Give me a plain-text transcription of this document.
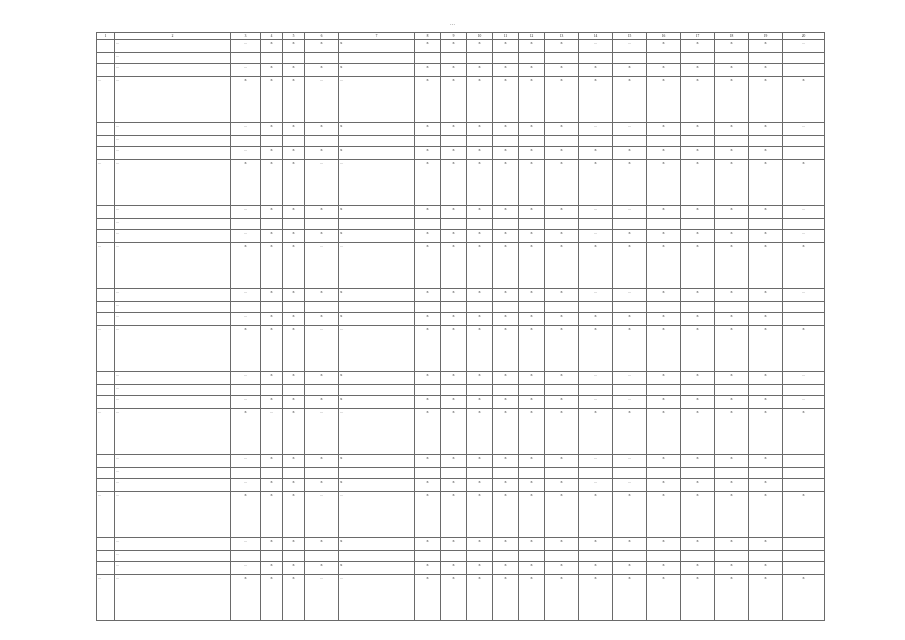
…
1	2	3	4	5	6	7	8	9	10	11	12	13	14	15	16	17	18	19	20
	…	…	X	X	X	X	X	X	X	X	X	X	…	…	X	X	X	X	…
	…																		
	…	…	X	X	X	X	X	X	X	X	X	X	X	X	X	X	X	X	
…	…	X	X	X	…	…	X	X	X	X	X	X	X	X	X	X	X	X	X
	…	…	X	X	X	X	X	X	X	X	X	X	…	…	X	X	X	X	…
	…																		
	…	…	X	X	X	X	X	X	X	X	X	X	X	X	X	X	X	X	
…	…	X	X	X	…	…	X	X	X	X	X	X	X	X	X	X	X	X	X
	…	…	X	X	X	X	X	X	X	X	X	X	…	…	X	X	X	X	…
	…																		
	…	…	X	X	X	X	X	X	X	X	X	X	…	X	X	X	X	X	…
…	…	X	X	X	…	…	X	X	X	X	X	X	X	X	X	X	X	X	X
	…	…	X	X	X	X	X	X	X	X	X	X	…	…	X	X	X	X	…
	…																		
	…	…	X	X	X	X	X	X	X	X	X	X	X	X	X	X	X	X	
…	…	X	X	X	…	…	X	X	X	X	X	X	X	X	X	X	X	X	X
	…	…	X	X	X	X	X	X	X	X	X	X	…	…	X	X	X	X	…
	…																		
	…	…	X	X	X	X	X	X	X	X	X	X	…	…	X	X	X	X	…
…	…	X	…	X	…	…	X	X	X	X	X	X	X	X	X	X	X	X	X
	…	…	X	X	X	X	X	X	X	X	X	X	…	…	X	X	X	X	
	…																		
	…	…	X	X	X	X	X	X	X	X	X	X	…	…	X	X	X	X	
…	…	X	X	X	…	…	X	X	X	X	X	X	X	X	X	X	X	X	X
	…	…	X	X	X	X	X	X	X	X	X	X	X	X	X	X	X	X	
	…																		
	…	…	X	X	X	X	X	X	X	X	X	X	X	X	X	X	X	X	
…	…	X	X	X	…	…	X	X	X	X	X	X	X	X	X	X	X	X	X
